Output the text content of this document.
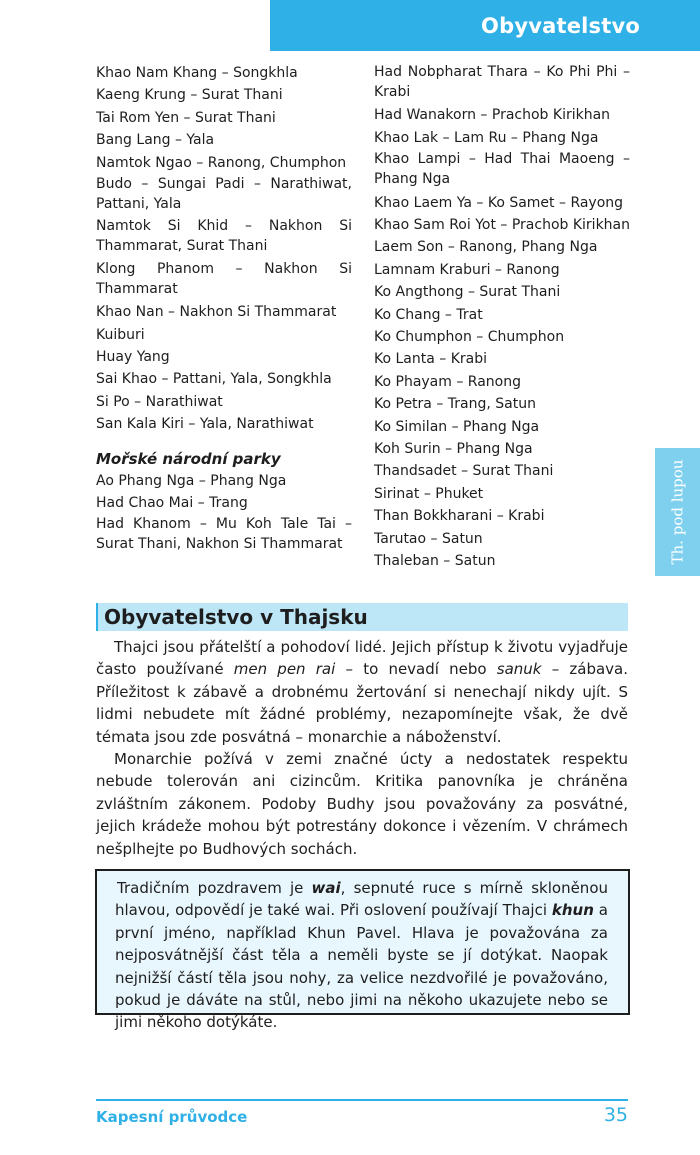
Obyvatelstvo
Khao Nam Khang – Songkhla
Kaeng Krung – Surat Thani
Tai Rom Yen – Surat Thani
Bang Lang – Yala
Namtok Ngao – Ranong, Chumphon
Budo – Sungai Padi – Narathiwat, Pattani, Yala
Namtok Si Khid – Nakhon Si Thammarat, Surat Thani
Klong Phanom – Nakhon Si Thammarat
Khao Nan – Nakhon Si Thammarat
Kuiburi
Huay Yang
Sai Khao – Pattani, Yala, Songkhla
Si Po – Narathiwat
San Kala Kiri – Yala, Narathiwat
Mořské národní parky
Ao Phang Nga – Phang Nga
Had Chao Mai – Trang
Had Khanom – Mu Koh Tale Tai – Surat Thani, Nakhon Si Thammarat
Had Nobpharat Thara – Ko Phi Phi – Krabi
Had Wanakorn – Prachob Kirikhan
Khao Lak – Lam Ru – Phang Nga
Khao Lampi – Had Thai Maoeng – Phang Nga
Khao Laem Ya – Ko Samet – Rayong
Khao Sam Roi Yot – Prachob Kirikhan
Laem Son – Ranong, Phang Nga
Lamnam Kraburi – Ranong
Ko Angthong – Surat Thani
Ko Chang – Trat
Ko Chumphon – Chumphon
Ko Lanta – Krabi
Ko Phayam – Ranong
Ko Petra – Trang, Satun
Ko Similan – Phang Nga
Koh Surin – Phang Nga
Thandsadet – Surat Thani
Sirinat – Phuket
Than Bokkharani – Krabi
Tarutao – Satun
Thaleban – Satun	Th. pod lupou
Obyvatelstvo v Thajsku

Thajci jsou přátelští a pohodoví lidé. Jejich přístup k životu vyjadřuje často používané men pen rai – to nevadí nebo sanuk – zábava. Příležitost k zábavě a drobnému žertování si nenechají nikdy ujít. S lidmi nebudete mít žádné problémy, nezapomínejte však, že dvě témata jsou zde posvátná – monarchie a náboženství.

Monarchie požívá v zemi značné úcty a nedostatek respektu nebude tolerován ani cizincům. Kritika panovníka je chráněna zvláštním zákonem. Podoby Budhy jsou považovány za posvátné, jejich krádeže mohou být potrestány dokonce i vězením. V chrámech nešplhejte po Budhových sochách.

Tradičním pozdravem je wai, sepnuté ruce s mírně skloněnou hlavou, odpovědí je také wai. Při oslovení používají Thajci khun a první jméno, například Khun Pavel. Hlava je považována za nejposvátnější část těla a neměli byste se jí dotýkat. Naopak nejnižší částí těla jsou nohy, za velice nezdvořilé je považováno, pokud je dáváte na stůl, nebo jimi na někoho ukazujete nebo se jimi někoho dotýkáte.

Kapesní průvodce	35
